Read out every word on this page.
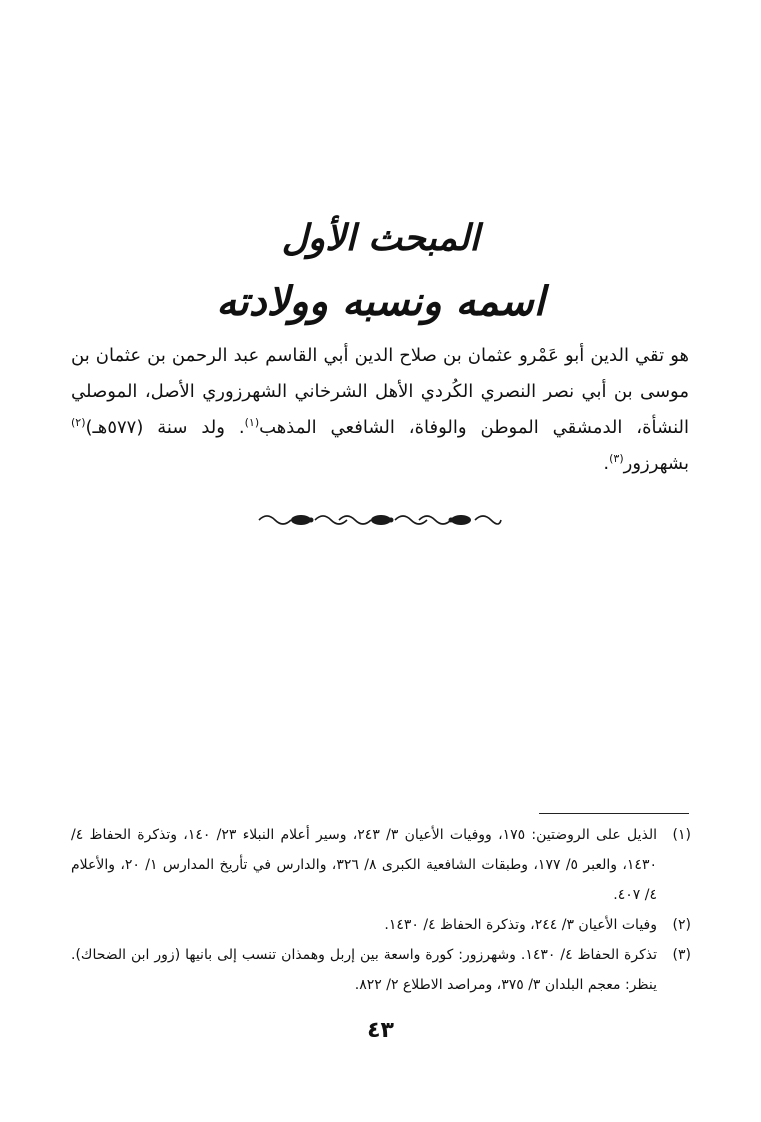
المبحث الأول
اسمه ونسبه وولادته
هو تقي الدين أبو عَمْرو عثمان بن صلاح الدين أبي القاسم عبد الرحمن بن عثمان بن موسى بن أبي نصر النصري الكُردي الأهل الشرخاني الشهرزوري الأصل، الموصلي النشأة، الدمشقي الموطن والوفاة، الشافعي المذهب$^{(١)}$. ولد سنة (٥٧٧هـ)$^{(٢)}$ بشهرزور$^{(٣)}$.
(١)
الذيل على الروضتين: ١٧٥، ووفيات الأعيان ٣/ ٢٤٣، وسير أعلام النبلاء ٢٣/ ١٤٠، وتذكرة الحفاظ ٤/ ١٤٣٠، والعبر ٥/ ١٧٧، وطبقات الشافعية الكبرى ٨/ ٣٢٦، والدارس في تأريخ المدارس ١/ ٢٠، والأعلام ٤/ ٤٠٧.
(٢)
وفيات الأعيان ٣/ ٢٤٤، وتذكرة الحفاظ ٤/ ١٤٣٠.
(٣)
تذكرة الحفاظ ٤/ ١٤٣٠. وشهرزور: كورة واسعة بين إربل وهمذان تنسب إلى بانيها (زور ابن الضحاك). ينظر: معجم البلدان ٣/ ٣٧٥، ومراصد الاطلاع ٢/ ٨٢٢.
٤٣
